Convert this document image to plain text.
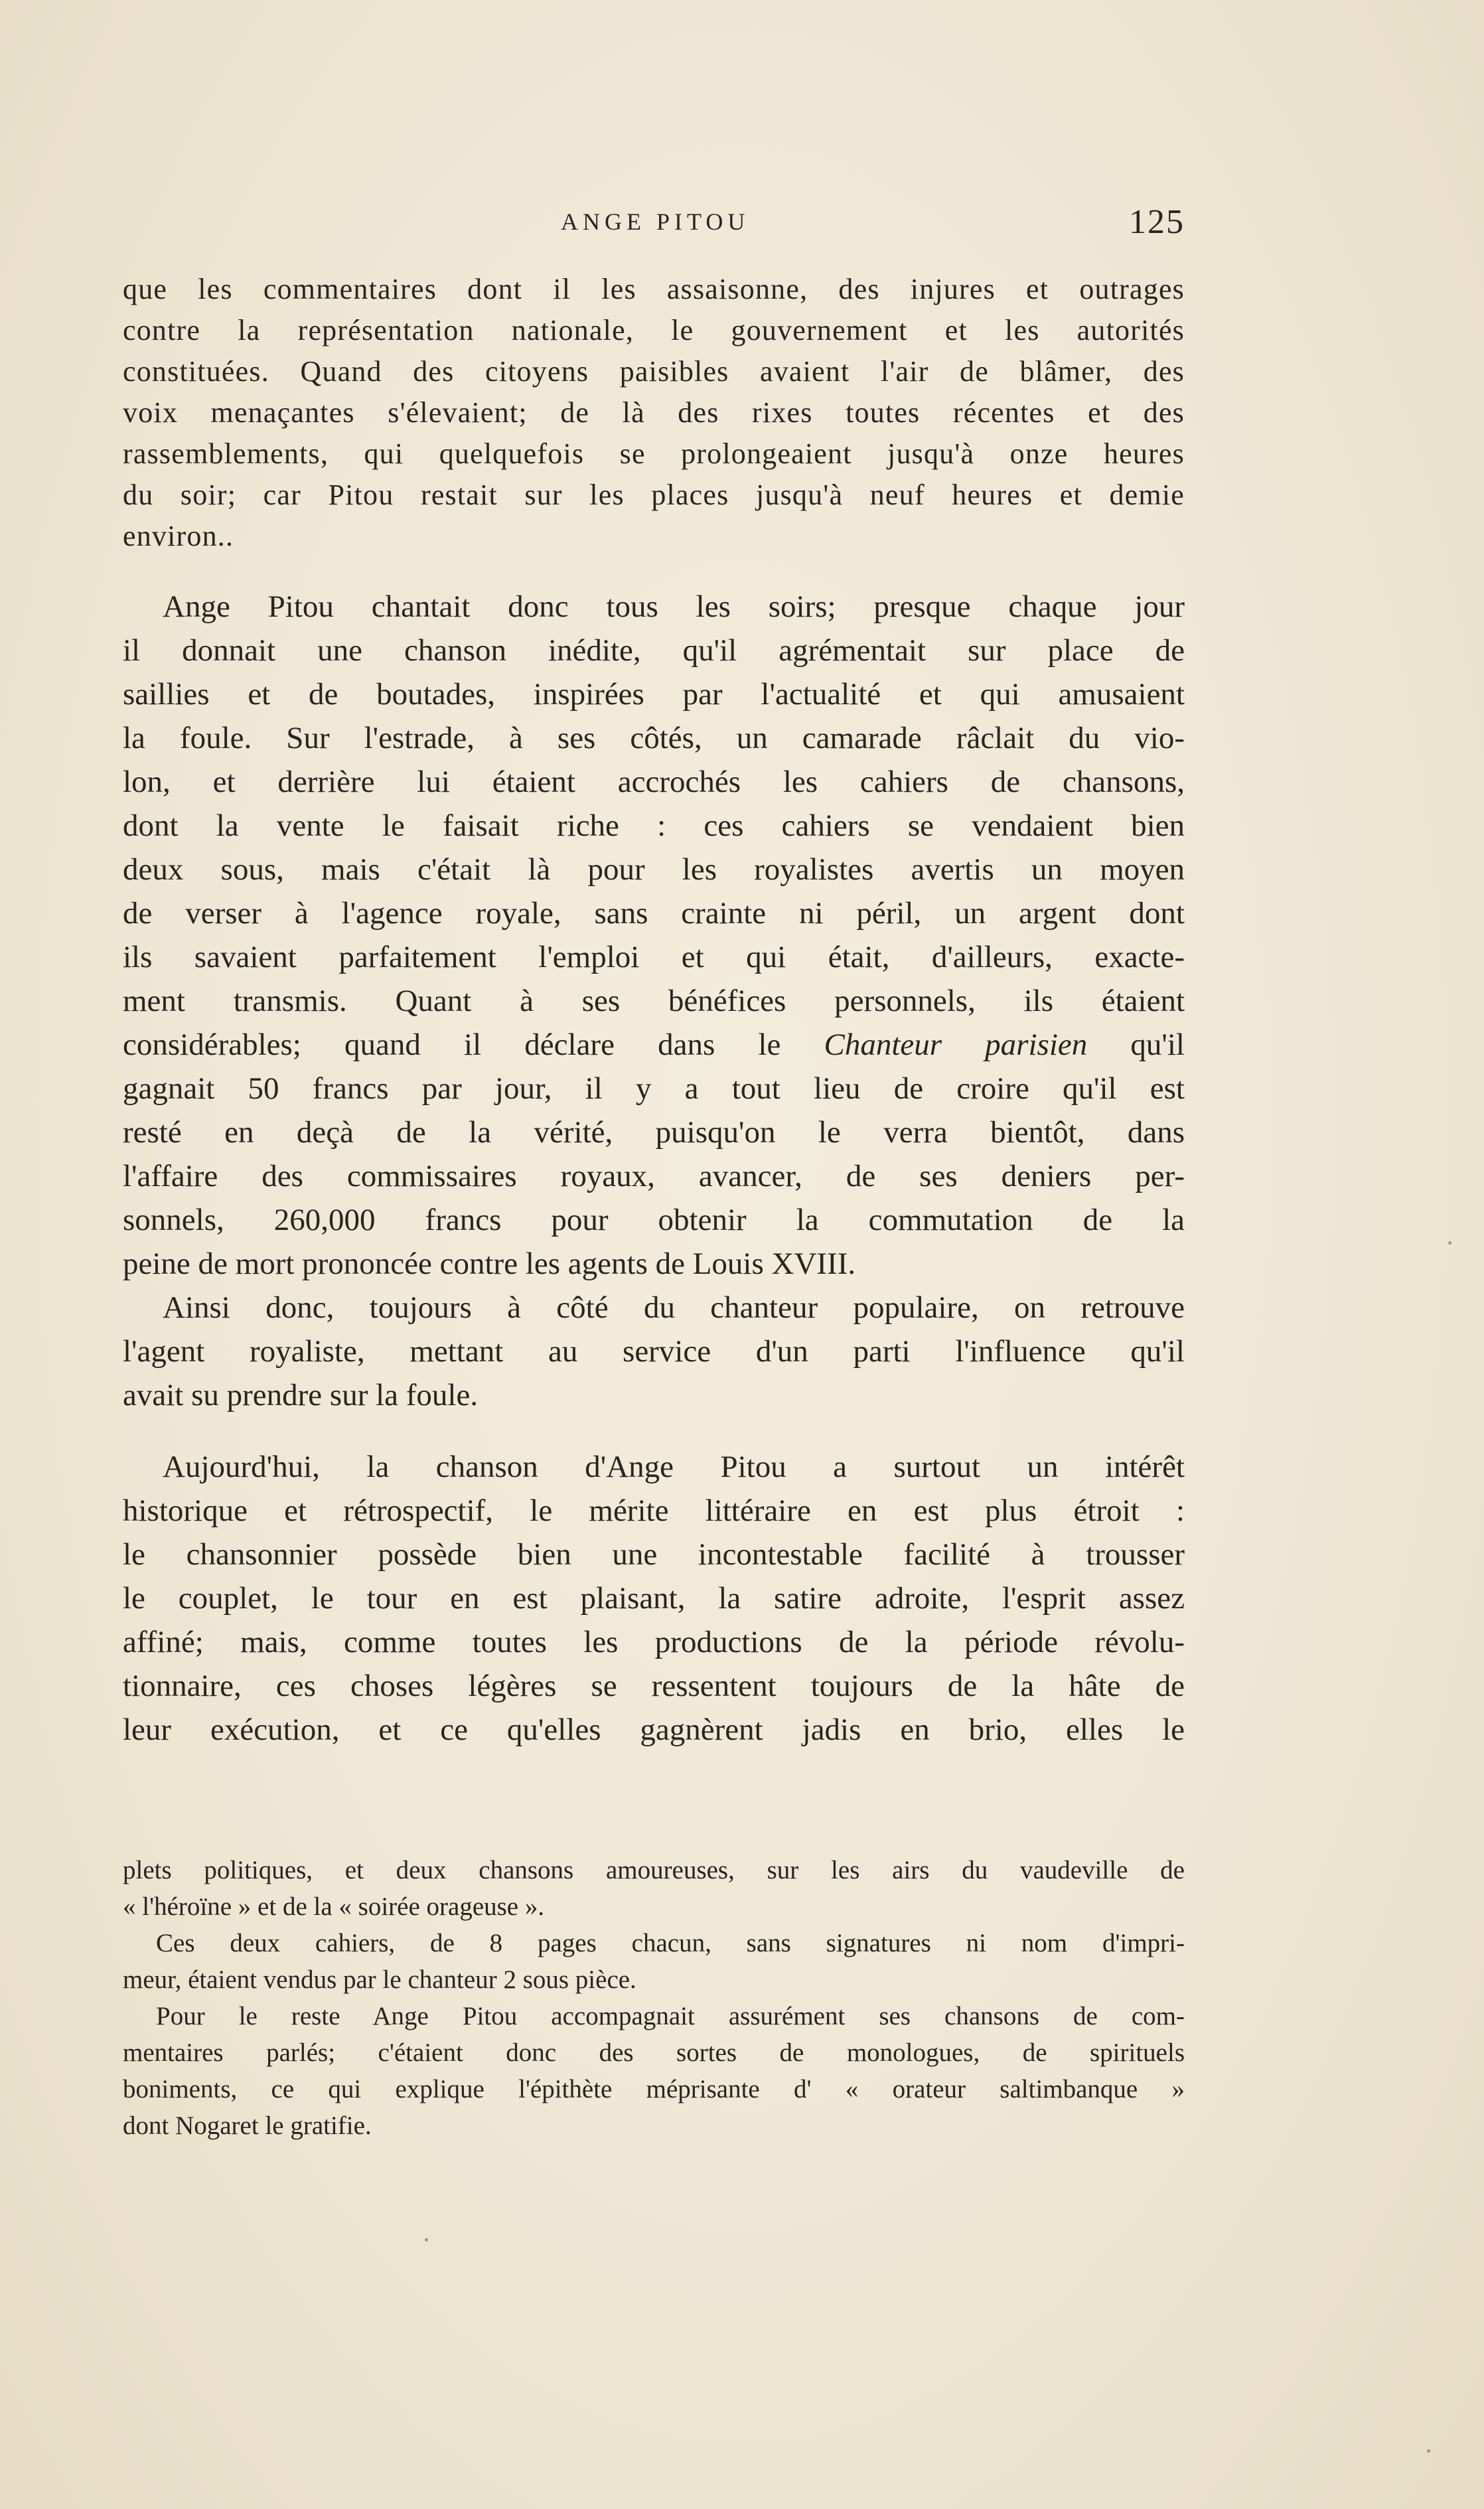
ANGE PITOU	125
que les commentaires dont il les assaisonne, des injures et outrages
contre la représentation nationale, le gouvernement et les autorités
constituées. Quand des citoyens paisibles avaient l'air de blâmer, des
voix menaçantes s'élevaient; de là des rixes toutes récentes et des
rassemblements, qui quelquefois se prolongeaient jusqu'à onze heures
du soir; car Pitou restait sur les places jusqu'à neuf heures et demie
environ..
Ange Pitou chantait donc tous les soirs; presque chaque jour
il donnait une chanson inédite, qu'il agrémentait sur place de
saillies et de boutades, inspirées par l'actualité et qui amusaient
la foule. Sur l'estrade, à ses côtés, un camarade râclait du vio-
lon, et derrière lui étaient accrochés les cahiers de chansons,
dont la vente le faisait riche : ces cahiers se vendaient bien
deux sous, mais c'était là pour les royalistes avertis un moyen
de verser à l'agence royale, sans crainte ni péril, un argent dont
ils savaient parfaitement l'emploi et qui était, d'ailleurs, exacte-
ment transmis. Quant à ses bénéfices personnels, ils étaient
considérables; quand il déclare dans le Chanteur parisien qu'il
gagnait 50 francs par jour, il y a tout lieu de croire qu'il est
resté en deçà de la vérité, puisqu'on le verra bientôt, dans
l'affaire des commissaires royaux, avancer, de ses deniers per-
sonnels, 260,000 francs pour obtenir la commutation de la
peine de mort prononcée contre les agents de Louis XVIII.
Ainsi donc, toujours à côté du chanteur populaire, on retrouve
l'agent royaliste, mettant au service d'un parti l'influence qu'il
avait su prendre sur la foule.
Aujourd'hui, la chanson d'Ange Pitou a surtout un intérêt
historique et rétrospectif, le mérite littéraire en est plus étroit :
le chansonnier possède bien une incontestable facilité à trousser
le couplet, le tour en est plaisant, la satire adroite, l'esprit assez
affiné; mais, comme toutes les productions de la période révolu-
tionnaire, ces choses légères se ressentent toujours de la hâte de
leur exécution, et ce qu'elles gagnèrent jadis en brio, elles le
plets politiques, et deux chansons amoureuses, sur les airs du vaudeville de
« l'héroïne » et de la « soirée orageuse ».
Ces deux cahiers, de 8 pages chacun, sans signatures ni nom d'impri-
meur, étaient vendus par le chanteur 2 sous pièce.
Pour le reste Ange Pitou accompagnait assurément ses chansons de com-
mentaires parlés; c'étaient donc des sortes de monologues, de spirituels
boniments, ce qui explique l'épithète méprisante d' « orateur saltimbanque »
dont Nogaret le gratifie.
